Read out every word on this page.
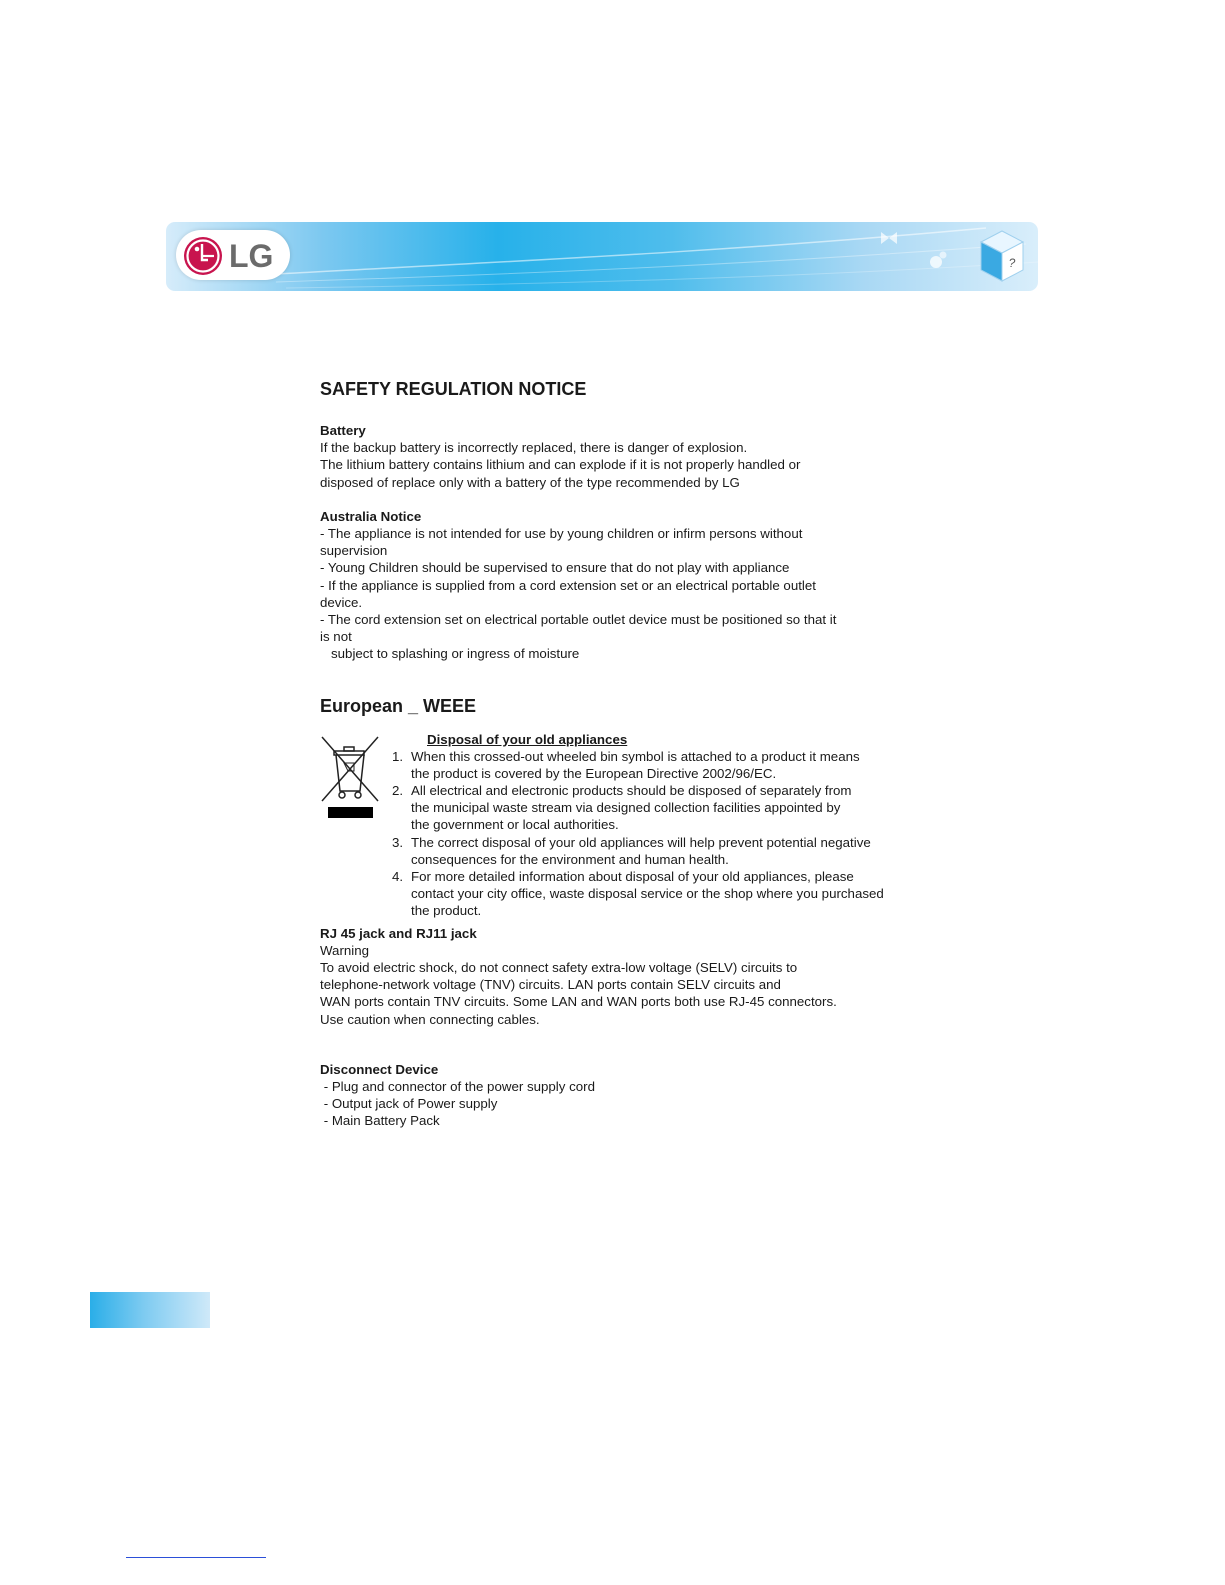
LG	?

SAFETY REGULATION NOTICE

Battery

If the backup battery is incorrectly replaced, there is danger of explosion.

The lithium battery contains lithium and can explode if it is not properly handled or

disposed of replace only with a battery of the type recommended by LG

Australia Notice

- The appliance is not intended for use by young children or infirm persons without

supervision

- Young Children should be supervised to ensure that do not play with appliance

- If the appliance is supplied from a cord extension set or an electrical portable outlet

device.

- The cord extension set on electrical portable outlet device must be positioned so that it

is not

subject to splashing or ingress of moisture

European _ WEEE

Disposal of your old appliances

1. When this crossed-out wheeled bin symbol is attached to a product it means

the product is covered by the European Directive 2002/96/EC.

2. All electrical and electronic products should be disposed of separately from

the municipal waste stream via designed collection facilities appointed by

the government or local authorities.

3. The correct disposal of your old appliances will help prevent potential negative

consequences for the environment and human health.

4. For more detailed information about disposal of your old appliances, please

contact your city office, waste disposal service or the shop where you purchased

the product.

RJ 45 jack and RJ11 jack

Warning

To avoid electric shock, do not connect safety extra-low voltage (SELV) circuits to

telephone-network voltage (TNV) circuits. LAN ports contain SELV circuits and

WAN ports contain TNV circuits. Some LAN and WAN ports both use RJ-45 connectors.

Use caution when connecting cables.

Disconnect Device

- Plug and connector of the power supply cord

- Output jack of Power supply

- Main Battery Pack
